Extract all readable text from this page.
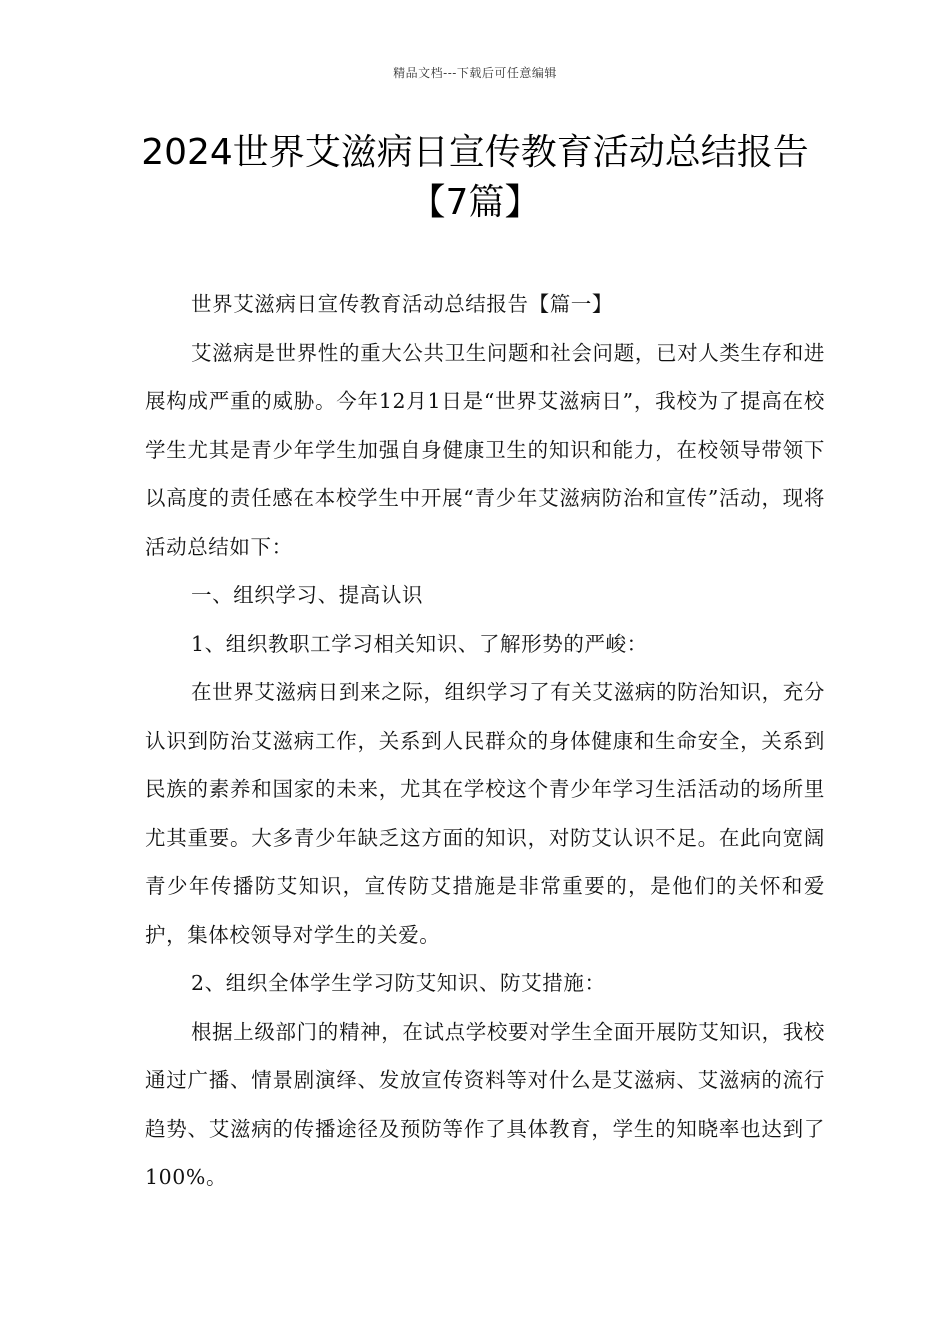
精品文档---下载后可任意编辑
2024世界艾滋病日宣传教育活动总结报告【7篇】

世界艾滋病日宣传教育活动总结报告【篇一】

艾滋病是世界性的重大公共卫生问题和社会问题，已对人类生存和进展构成严重的威胁。今年12月1日是“世界艾滋病日”，我校为了提高在校学生尤其是青少年学生加强自身健康卫生的知识和能力，在校领导带领下以高度的责任感在本校学生中开展“青少年艾滋病防治和宣传”活动，现将活动总结如下：

一、组织学习、提高认识

1、组织教职工学习相关知识、了解形势的严峻：

在世界艾滋病日到来之际，组织学习了有关艾滋病的防治知识，充分认识到防治艾滋病工作，关系到人民群众的身体健康和生命安全，关系到民族的素养和国家的未来，尤其在学校这个青少年学习生活活动的场所里尤其重要。大多青少年缺乏这方面的知识，对防艾认识不足。在此向宽阔青少年传播防艾知识，宣传防艾措施是非常重要的，是他们的关怀和爱护，集体校领导对学生的关爱。

2、组织全体学生学习防艾知识、防艾措施：

根据上级部门的精神，在试点学校要对学生全面开展防艾知识，我校通过广播、情景剧演绎、发放宣传资料等对什么是艾滋病、艾滋病的流行趋势、艾滋病的传播途径及预防等作了具体教育，学生的知晓率也达到了100%。
